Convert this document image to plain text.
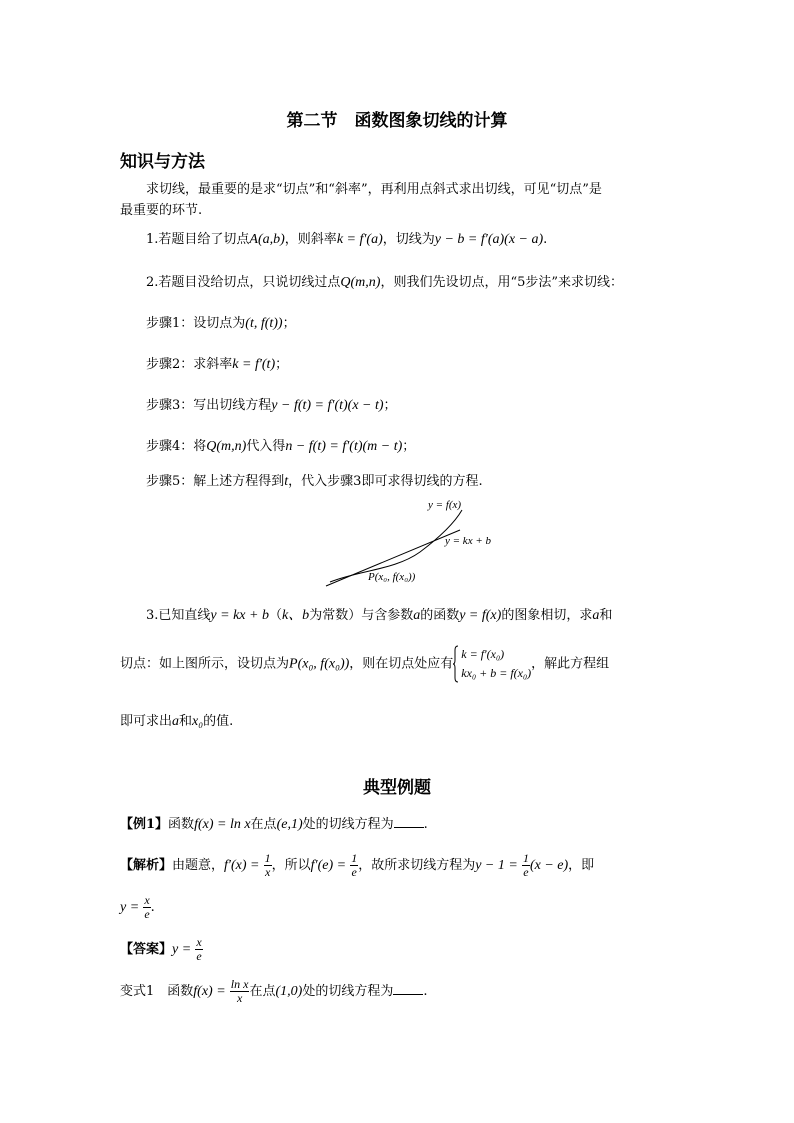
第二节　函数图象切线的计算
知识与方法
求切线，最重要的是求“切点”和“斜率”，再利用点斜式求出切线，可见“切点”是
最重要的环节.
1.若题目给了切点A(a,b)，则斜率k = f′(a)，切线为y − b = f′(a)(x − a).
2.若题目没给切点，只说切线过点Q(m,n)，则我们先设切点，用“5步法”来求切线：
步骤1：设切点为(t, f(t))；
步骤2：求斜率k = f′(t)；
步骤3：写出切线方程y − f(t) = f′(t)(x − t)；
步骤4：将Q(m,n)代入得n − f(t) = f′(t)(m − t)；
步骤5：解上述方程得到t，代入步骤3即可求得切线的方程.
y = f(x)
y = kx + b
P(x₀, f(x₀))
3.已知直线y = kx + b（k、b为常数）与含参数a的函数y = f(x)的图象相切，求a和
切点：如上图所示，设切点为P(x₀, f(x₀))，则在切点处应有
k = f′(x₀)
kx₀ + b = f(x₀)
，解此方程组
即可求出a和x₀的值.
典型例题
【例1】函数f(x) = ln x在点(e,1)处的切线方程为 .
【解析】由题意，$f'(x) = \frac{1}{x}$ ，所以$f'(e) = \frac{1}{e}$ ，故所求切线方程为$y - 1 = \frac{1}{e} (x - e)$，即
$y = \frac{x}{e}$ .
【答案】$y = \frac{x}{e}$
变式1　函数$f(x) = \frac{\text{ln x}}{x}$ 在点(1,0)处的切线方程为 .
